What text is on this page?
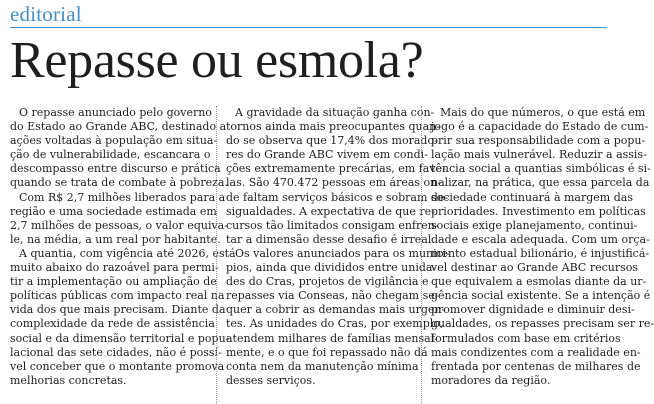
editorial
Repasse ou esmola?
O repasse anunciado pelo governo
do Estado ao Grande ABC, destinado a
ações voltadas à população em situa-
ção de vulnerabilidade, escancara o
descompasso entre discurso e prática
quando se trata de combate à pobreza.
Com R$ 2,7 milhões liberados para a
região e uma sociedade estimada em
2,7 milhões de pessoas, o valor equiva-
le, na média, a um real por habitante.
A quantia, com vigência até 2026, está
muito abaixo do razoável para permi-
tir a implementação ou ampliação de
políticas públicas com impacto real na
vida dos que mais precisam. Diante da
complexidade da rede de assistência
social e da dimensão territorial e popu-
lacional das sete cidades, não é possí-
vel conceber que o montante promova
melhorias concretas.
A gravidade da situação ganha con-
tornos ainda mais preocupantes quan-
do se observa que 17,4% dos morado-
res do Grande ABC vivem em condi-
ções extremamente precárias, em fave-
las. São 470.472 pessoas em áreas on-
de faltam serviços básicos e sobram de-
sigualdades. A expectativa de que re-
cursos tão limitados consigam enfren-
tar a dimensão desse desafio é irreal.
Os valores anunciados para os munici-
pios, ainda que divididos entre unida-
des do Cras, projetos de vigilância e
repasses via Conseas, não chegam se-
quer a cobrir as demandas mais urgen-
tes. As unidades do Cras, por exemplo,
atendem milhares de famílias mensal-
mente, e o que foi repassado não dá
conta nem da manutenção mínima
desses serviços.
Mais do que números, o que está em
jogo é a capacidade do Estado de cum-
prir sua responsabilidade com a popu-
lação mais vulnerável. Reduzir a assis-
tência social a quantias simbólicas é si-
nalizar, na prática, que essa parcela da
sociedade continuará à margem das
prioridades. Investimento em políticas
sociais exige planejamento, continui-
dade e escala adequada. Com um orça-
mento estadual bilionário, é injustificá-
vel destinar ao Grande ABC recursos
que equivalem a esmolas diante da ur-
gência social existente. Se a intenção é
promover dignidade e diminuir desi-
gualdades, os repasses precisam ser re-
formulados com base em critérios
mais condizentes com a realidade en-
frentada por centenas de milhares de
moradores da região.
